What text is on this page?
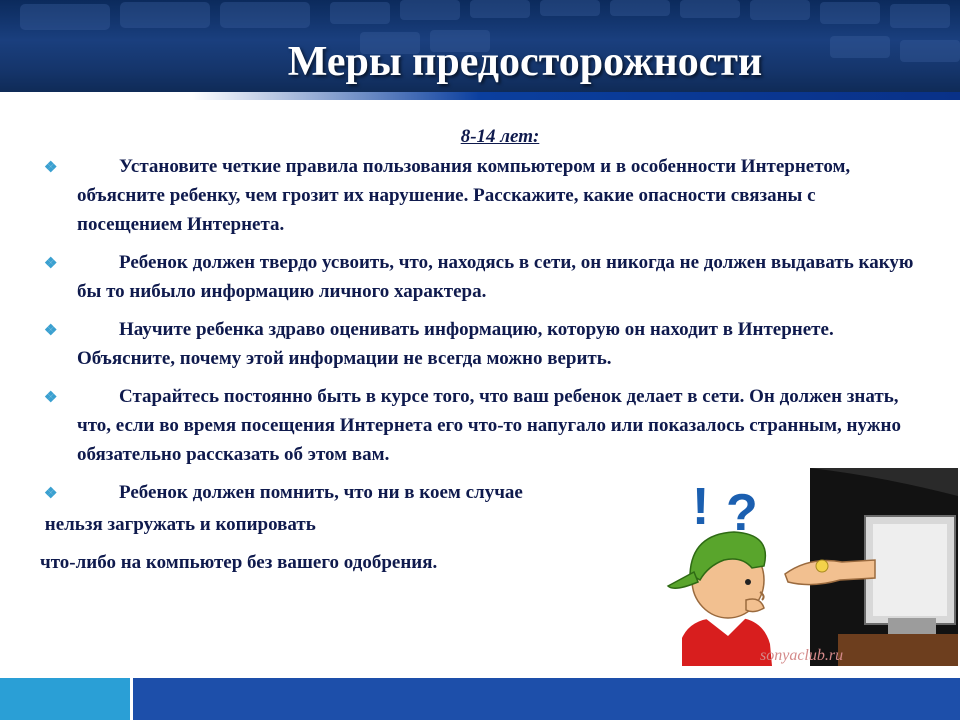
Меры предосторожности
8-14 лет:
❖	Установите четкие правила пользования компьютером и в особенности Интернетом, объясните ребенку, чем грозит их нарушение. Расскажите, какие опасности связаны с посещением Интернета.

❖	Ребенок должен твердо усвоить, что, находясь в сети, он никогда не должен выдавать какую бы то нибыло информацию личного характера.

❖	Научите ребенка здраво оценивать информацию, которую он находит в Интернете. Объясните, почему этой информации не всегда можно верить.

❖	Старайтесь постоянно быть в курсе того, что ваш ребенок делает в сети. Он должен знать, что, если во время посещения Интернета его что-то напугало или показалось странным, нужно обязательно рассказать об этом вам.

❖	Ребенок должен помнить, что ни в коем случае

нельзя загружать и копировать

что-либо на компьютер без вашего одобрения.

! ?
sonyaclub.ru
